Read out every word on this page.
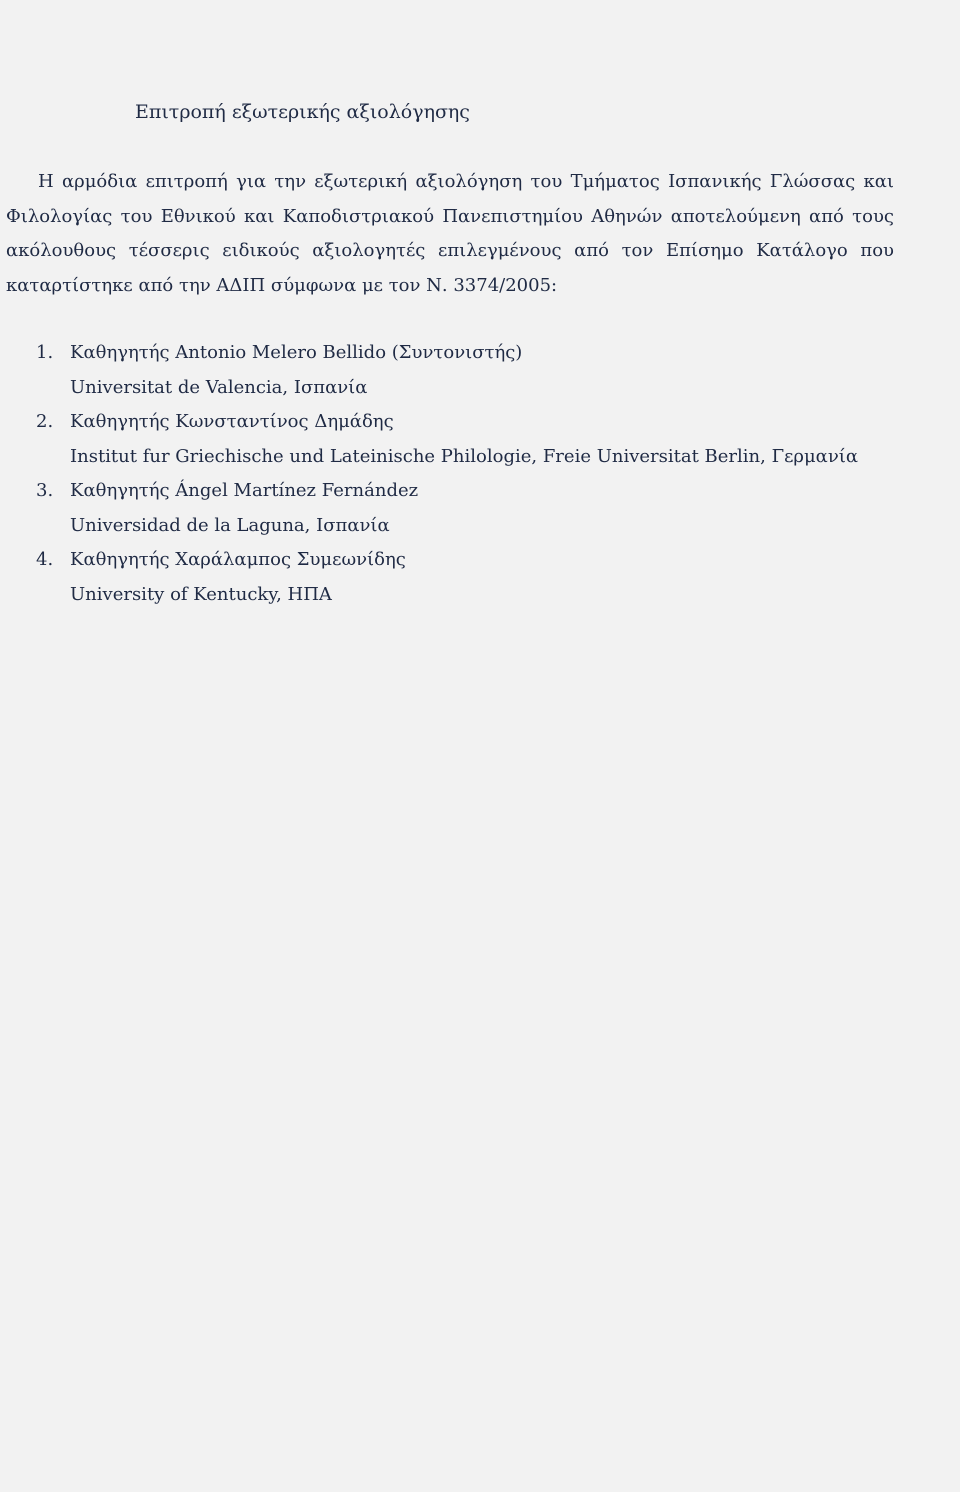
Επιτροπή εξωτερικής αξιολόγησης

Η αρμόδια επιτροπή για την εξωτερική αξιολόγηση του Τμήματος Ισπανικής Γλώσσας και Φιλολογίας του Εθνικού και Καποδιστριακού Πανεπιστημίου Αθηνών αποτελούμενη από τους ακόλουθους τέσσερις ειδικούς αξιολογητές επιλεγμένους από τον Επίσημο Κατάλογο που καταρτίστηκε από την ΑΔΙΠ σύμφωνα με τον Ν. 3374/2005:

1. Καθηγητής Antonio Melero Bellido (Συντονιστής)
Universitat de Valencia, Ισπανία
2. Καθηγητής Κωνσταντίνος Δημάδης
Institut fur Griechische und Lateinische Philologie, Freie Universitat Berlin, Γερμανία
3. Καθηγητής Ángel Martínez Fernández
Universidad de la Laguna, Ισπανία
4. Καθηγητής Χαράλαμπος Συμεωνίδης
University of Kentucky, ΗΠΑ
